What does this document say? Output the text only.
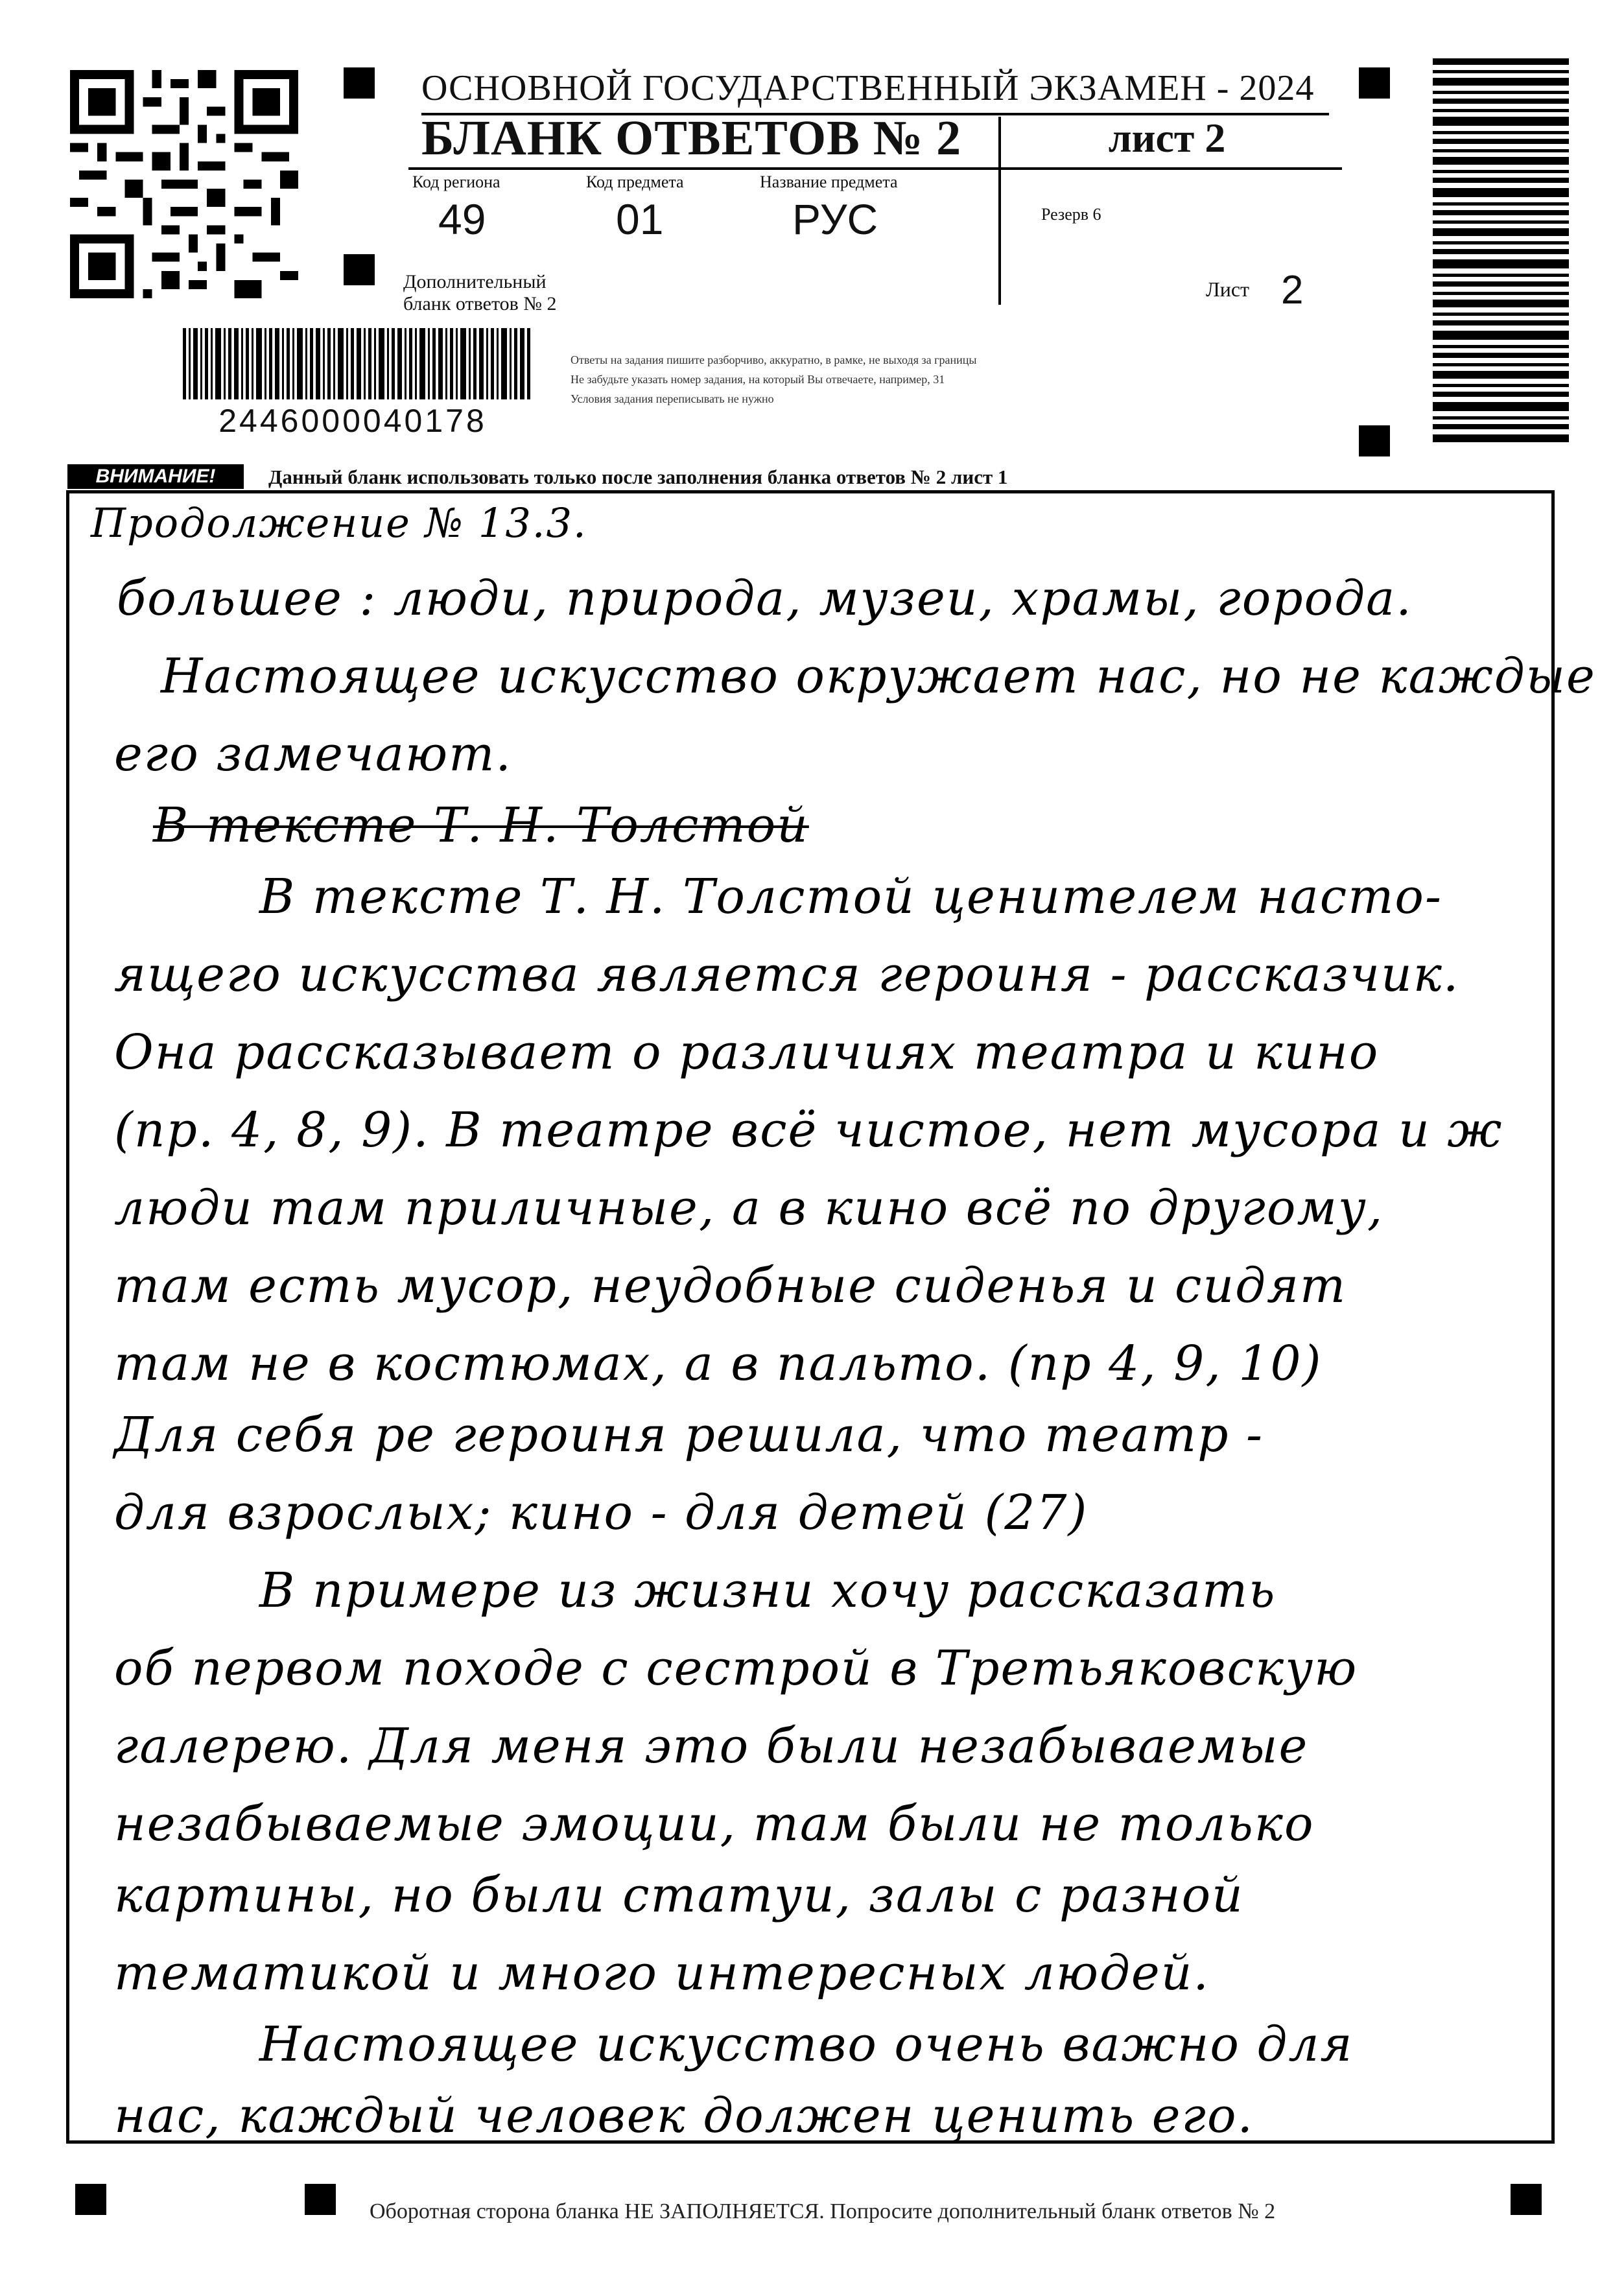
2446000040178
ОСНОВНОЙ ГОСУДАРСТВЕННЫЙ ЭКЗАМЕН - 2024
БЛАНК ОТВЕТОВ № 2	лист 2
Код региона
49
Код предмета
01
Название предмета
РУС	Резерв 6
Дополнительный
бланк ответов № 2
Лист 2
Ответы на задания пишите разборчиво, аккуратно, в рамке, не выходя за границы
Не забудьте указать номер задания, на который Вы отвечаете, например, 31
Условия задания переписывать не нужно
ВНИМАНИЕ!	Данный бланк использовать только после заполнения бланка ответов № 2 лист 1
Продолжение № 13.3.
большее : люди, природа, музеи, храмы, города.
Настоящее искусство окружает нас, но не каждые
его замечают.
В тексте Т. Н. Толстой
В тексте Т. Н. Толстой ценителем насто-
ящего искусства является героиня - рассказчик.
Она рассказывает о различиях театра и кино
(пр. 4, 8, 9). В театре всё чистое, нет мусора и ж
люди там приличные, а в кино всё по другому,
там есть мусор, неудобные сиденья и сидят
там не в костюмах, а в пальто. (пр 4, 9, 10)
Для себя ре героиня решила, что театр -
для взрослых; кино - для детей (27)
В примере из жизни хочу рассказать
об первом походе с сестрой в Третьяковскую
галерею. Для меня это были незабываемые
незабываемые эмоции, там были не только
картины, но были статуи, залы с разной
тематикой и много интересных людей.
Настоящее искусство очень важно для
нас, каждый человек должен ценить его.
Оборотная сторона бланка НЕ ЗАПОЛНЯЕТСЯ. Попросите дополнительный бланк ответов № 2
